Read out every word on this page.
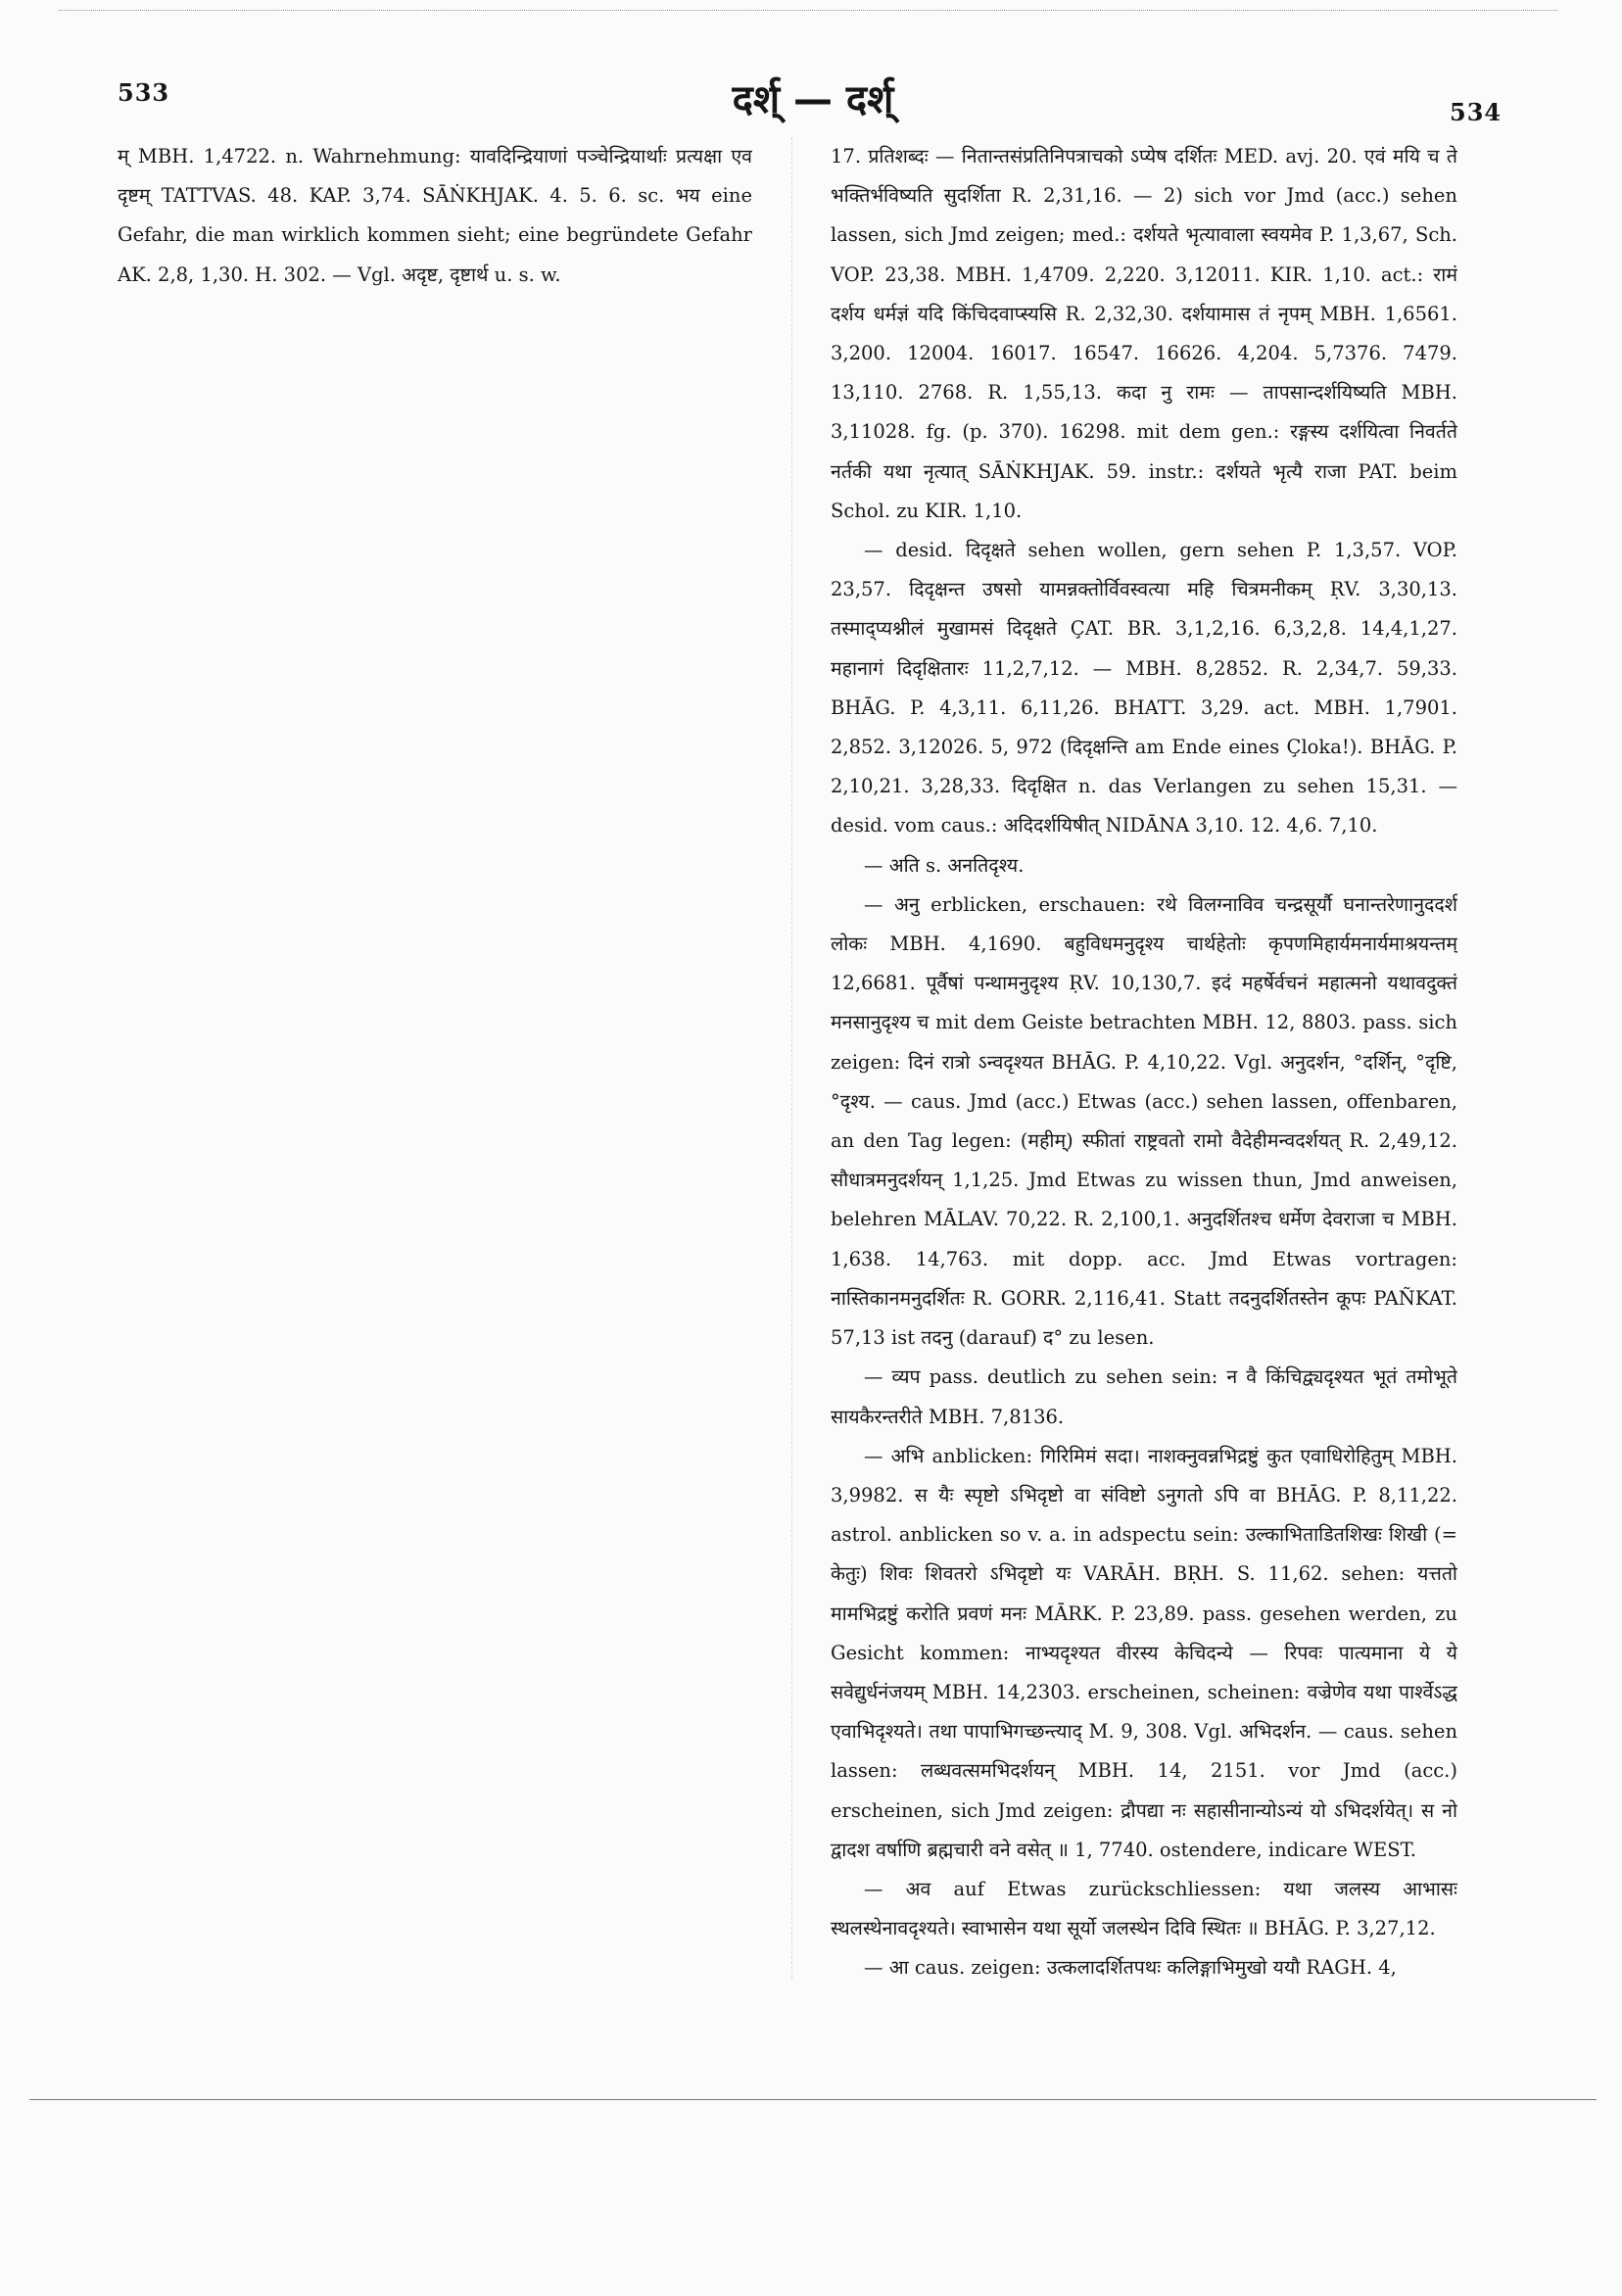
533	दर्श् — दर्श्	534

म् MBH. 1,4722. n. Wahrnehmung: यावदिन्द्रियाणां पञ्चेन्द्रियार्थाः प्रत्यक्षा एव दृष्टम् TATTVAS. 48. KAP. 3,74. SĀṄKHJAK. 4. 5. 6. sc. भय eine Gefahr, die man wirklich kommen sieht; eine begründete Gefahr AK. 2,8, 1,30. H. 302. — Vgl. अदृष्ट, दृष्टार्थ u. s. w.

17. प्रतिशब्दः — नितान्तसंप्रतिनिपत्राचको ऽप्येष दर्शितः MED. avj. 20. एवं मयि च ते भक्तिर्भविष्यति सुदर्शिता R. 2,31,16. — 2) sich vor Jmd (acc.) sehen lassen, sich Jmd zeigen; med.: दर्शयते भृत्यावाला स्वयमेव P. 1,3,67, Sch. VOP. 23,38. MBH. 1,4709. 2,220. 3,12011. KIR. 1,10. act.: रामं दर्शय धर्मज्ञं यदि किंचिदवाप्स्यसि R. 2,32,30. दर्शयामास तं नृपम् MBH. 1,6561. 3,200. 12004. 16017. 16547. 16626. 4,204. 5,7376. 7479. 13,110. 2768. R. 1,55,13. कदा नु रामः — तापसान्दर्शयिष्यति MBH. 3,11028. fg. (p. 370). 16298. mit dem gen.: रङ्गस्य दर्शयित्वा निवर्तते नर्तकी यथा नृत्यात् SĀṄKHJAK. 59. instr.: दर्शयते भृत्यै राजा PAT. beim Schol. zu KIR. 1,10.

— desid. दिदृक्षते sehen wollen, gern sehen P. 1,3,57. VOP. 23,57. दिदृक्षन्त उषसो यामन्नक्तोर्विवस्वत्या महि चित्रमनीकम् ṚV. 3,30,13. तस्माद्प्यश्नीलं मुखामसं दिदृक्षते ÇAT. BR. 3,1,2,16. 6,3,2,8. 14,4,1,27. महानागं दिदृक्षितारः 11,2,7,12. — MBH. 8,2852. R. 2,34,7. 59,33. BHĀG. P. 4,3,11. 6,11,26. BHATT. 3,29. act. MBH. 1,7901. 2,852. 3,12026. 5, 972 (दिदृक्षन्ति am Ende eines Çloka!). BHĀG. P. 2,10,21. 3,28,33. दिदृक्षित n. das Verlangen zu sehen 15,31. — desid. vom caus.: अदिदर्शयिषीत् NIDĀNA 3,10. 12. 4,6. 7,10.

— अति s. अनतिदृश्य.

— अनु erblicken, erschauen: रथे विलग्नाविव चन्द्रसूर्यौ घनान्तरेणानुददर्श लोकः MBH. 4,1690. बहुविधमनुदृश्य चार्थहेतोः कृपणमिहार्यमनार्यमाश्रयन्तम् 12,6681. पूर्वैषां पन्थामनुदृश्य ṚV. 10,130,7. इदं महर्षेर्वचनं महात्मनो यथावदुक्तं मनसानुदृश्य च mit dem Geiste betrachten MBH. 12, 8803. pass. sich zeigen: दिनं रात्रो ऽन्वदृश्यत BHĀG. P. 4,10,22. Vgl. अनुदर्शन, °दर्शिन्, °दृष्टि, °दृश्य. — caus. Jmd (acc.) Etwas (acc.) sehen lassen, offenbaren, an den Tag legen: (महीम्) स्फीतां राष्ट्रवतो रामो वैदेहीमन्वदर्शयत् R. 2,49,12. सौधात्रमनुदर्शयन् 1,1,25. Jmd Etwas zu wissen thun, Jmd anweisen, belehren MĀLAV. 70,22. R. 2,100,1. अनुदर्शितश्च धर्मेण देवराजा च MBH. 1,638. 14,763. mit dopp. acc. Jmd Etwas vortragen: नास्तिकानमनुदर्शितः R. GORR. 2,116,41. Statt तदनुदर्शितस्तेन कूपः PAÑKAT. 57,13 ist तदनु (darauf) द° zu lesen.

— व्यप pass. deutlich zu sehen sein: न वै किंचिद्व्यदृश्यत भूतं तमोभूते सायकैरन्तरीते MBH. 7,8136.

— अभि anblicken: गिरिमिमं सदा। नाशक्नुवन्नभिद्रष्टुं कुत एवाधिरोहितुम् MBH. 3,9982. स यैः स्पृष्टो ऽभिदृष्टो वा संविष्टो ऽनुगतो ऽपि वा BHĀG. P. 8,11,22. astrol. anblicken so v. a. in adspectu sein: उल्काभिताडितशिखः शिखी (= केतुः) शिवः शिवतरो ऽभिदृष्टो यः VARĀH. BṚH. S. 11,62. sehen: यत्ततो मामभिद्रष्टुं करोति प्रवणं मनः MĀRK. P. 23,89. pass. gesehen werden, zu Gesicht kommen: नाभ्यदृश्यत वीरस्य केचिदन्ये — रिपवः पात्यमाना ये ये सवेद्युर्धनंजयम् MBH. 14,2303. erscheinen, scheinen: वज्रेणेव यथा पार्श्वेऽद्ध एवाभिदृश्यते। तथा पापाभिगच्छन्त्याद् M. 9, 308. Vgl. अभिदर्शन. — caus. sehen lassen: लब्धवत्समभिदर्शयन् MBH. 14, 2151. vor Jmd (acc.) erscheinen, sich Jmd zeigen: द्रौपद्या नः सहासीनान्योऽन्यं यो ऽभिदर्शयेत्। स नो द्वादश वर्षाणि ब्रह्मचारी वने वसेत् ॥ 1, 7740. ostendere, indicare WEST.

— अव auf Etwas zurückschliessen: यथा जलस्य आभासः स्थलस्थेनावदृश्यते। स्वाभासेन यथा सूर्यो जलस्थेन दिवि स्थितः ॥ BHĀG. P. 3,27,12.

— आ caus. zeigen: उत्कलादर्शितपथः कलिङ्गाभिमुखो ययौ RAGH. 4,
